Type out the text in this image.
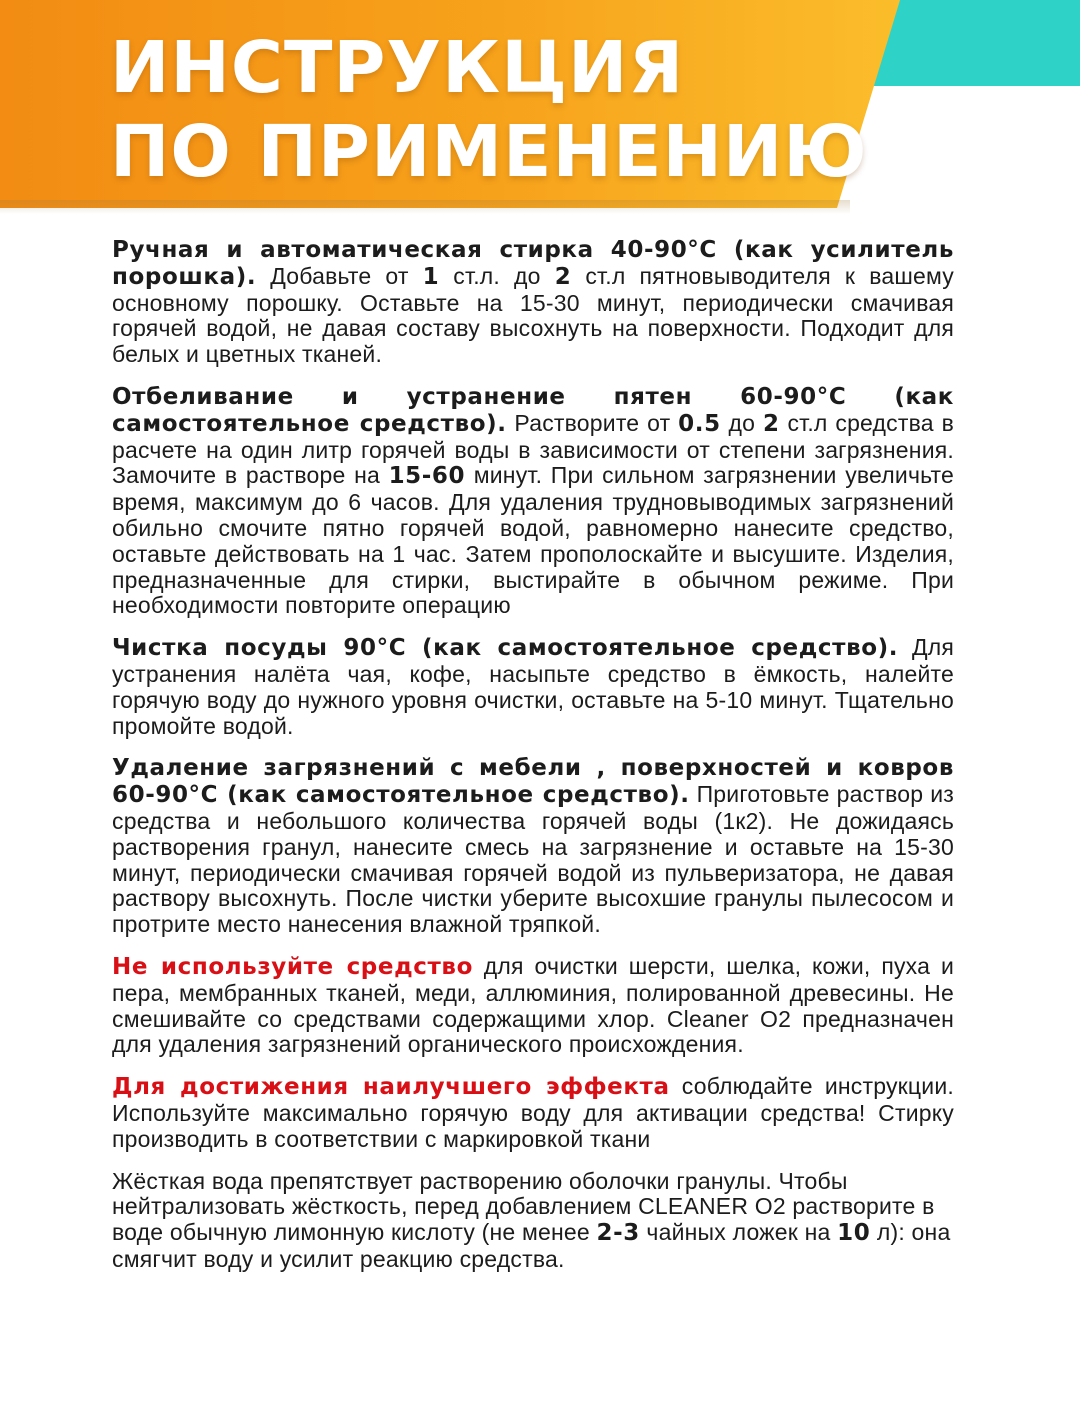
ИНСТРУКЦИЯ
ПО ПРИМЕНЕНИЮ

Ручная и автоматическая стирка 40-90°С (как усилитель порошка). Добавьте от 1 ст.л. до 2 ст.л пятновыводителя к вашему основному порошку. Оставьте на 15-30 минут, периодически смачивая горячей водой, не давая составу высохнуть на поверхности. Подходит для белых и цветных тканей.

Отбеливание и устранение пятен 60-90°С (как самостоятельное средство). Растворите от 0.5 до 2 ст.л средства в расчете на один литр горячей воды в зависимости от степени загрязнения. Замочите в растворе на 15-60 минут. При сильном загрязнении увеличьте время, максимум до 6 часов. Для удаления трудновыводимых загрязнений обильно смочите пятно горячей водой, равномерно нанесите средство, оставьте действовать на 1 час. Затем прополоскайте и высушите. Изделия, предназначенные для стирки, выстирайте в обычном режиме. При необходимости повторите операцию

Чистка посуды 90°С (как самостоятельное средство). Для устранения налёта чая, кофе, насыпьте средство в ёмкость, налейте горячую воду до нужного уровня очистки, оставьте на 5-10 минут. Тщательно промойте водой.

Удаление загрязнений с мебели , поверхностей и ковров 60-90°С (как самостоятельное средство). Приготовьте раствор из средства и небольшого количества горячей воды (1к2). Не дожидаясь растворения гранул, нанесите смесь на загрязнение и оставьте на 15-30 минут, периодически смачивая горячей водой из пульверизатора, не давая раствору высохнуть. После чистки уберите высохшие гранулы пылесосом и протрите место нанесения влажной тряпкой.

Не используйте средство для очистки шерсти, шелка, кожи, пуха и пера, мембранных тканей, меди, аллюминия, полированной древесины. Не смешивайте со средствами содержащими хлор. Cleaner O2 предназначен для удаления загрязнений органического происхождения.

Для достижения наилучшего эффекта соблюдайте инструкции. Используйте максимально горячую воду для активации средства! Стирку производить в соответствии с маркировкой ткани

Жёсткая вода препятствует растворению оболочки гранулы. Чтобы нейтрализовать жёсткость, перед добавлением CLEANER O2 растворите в воде обычную лимонную кислоту (не менее 2-3 чайных ложек на 10 л): она смягчит воду и усилит реакцию средства.
